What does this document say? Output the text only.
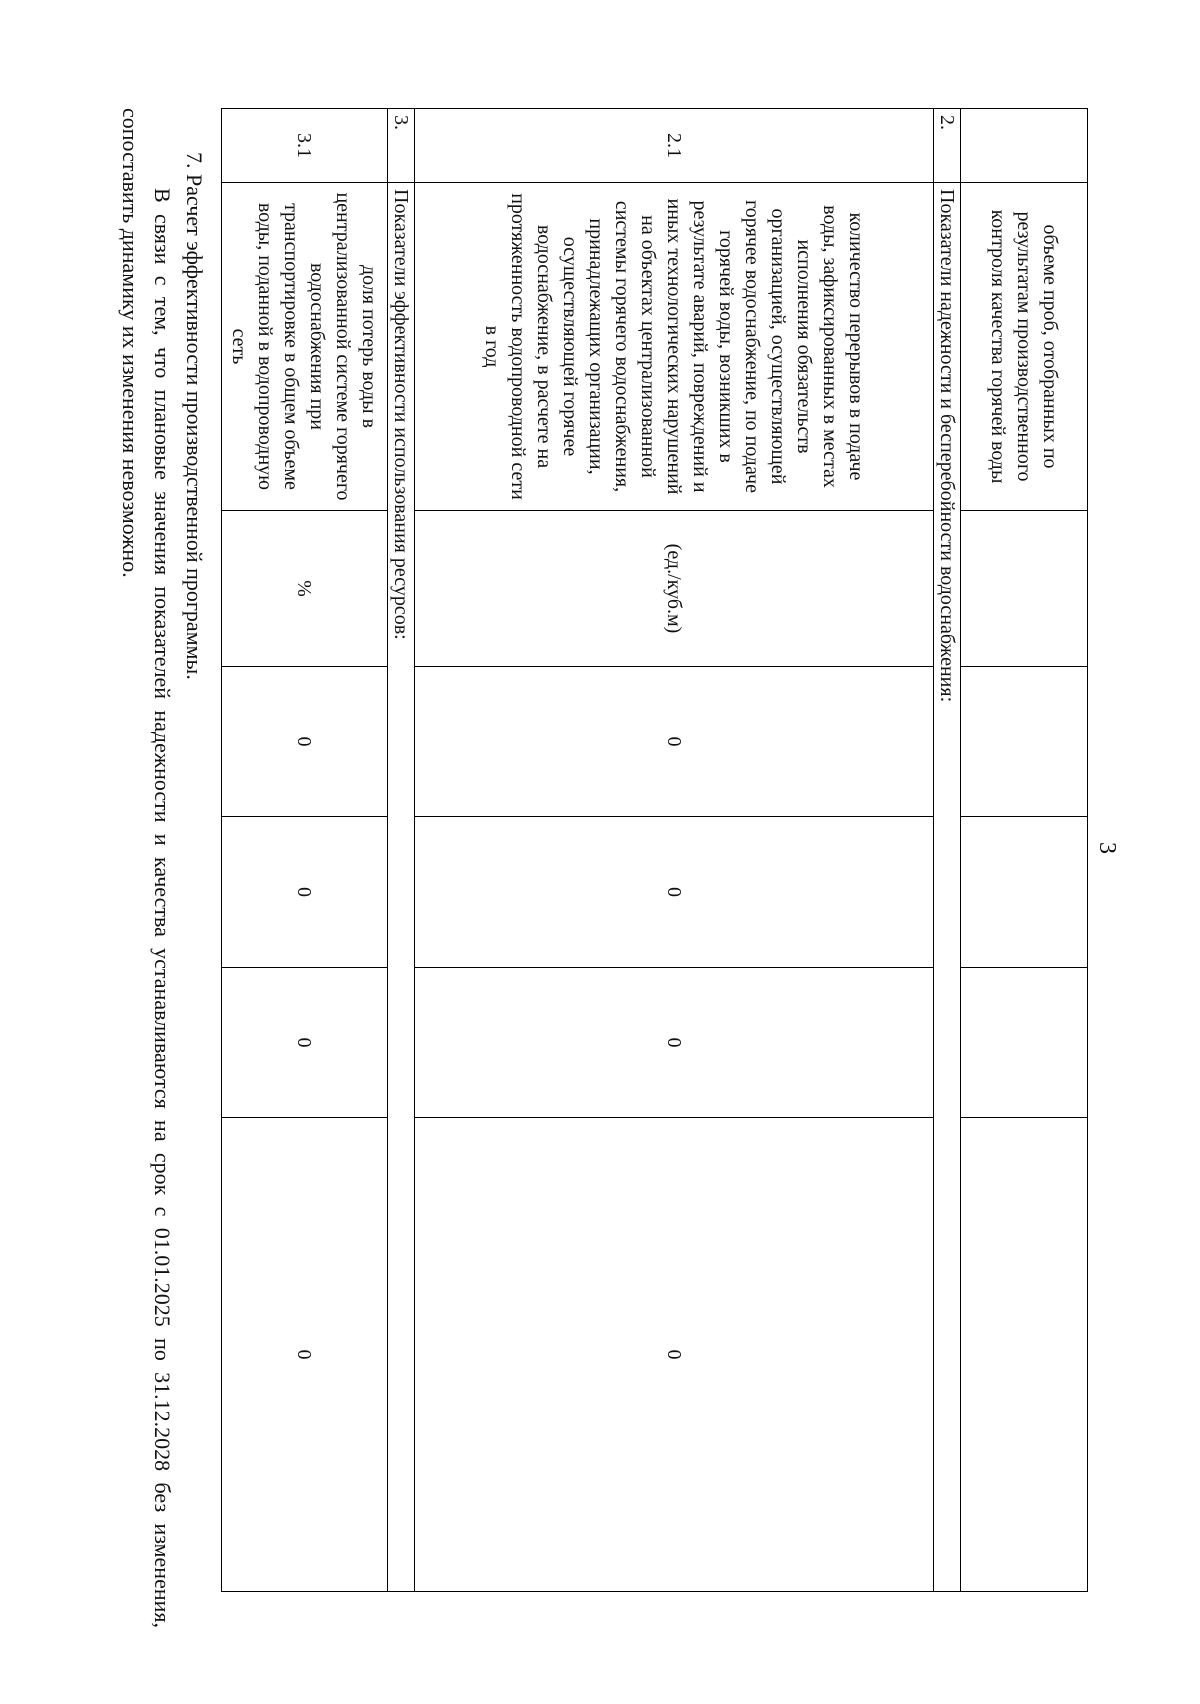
3
	объеме проб, отобранных по результатам производственного контроля качества горячей воды					
2.	Показатели надежности и бесперебойности водоснабжения:					
2.1	количество перерывов в подаче воды, зафиксированных в местах исполнения обязательств организацией, осуществляющей горячее водоснабжение, по подаче горячей воды, возникших в результате аварий, повреждений и иных технологических нарушений на объектах централизованной системы горячего водоснабжения, принадлежащих организации, осуществляющей горячее водоснабжение, в расчете на протяженность водопроводной сети в год	(ед./куб.м)	0	0	0	0
3.	Показатели эффективности использования ресурсов:					
3.1	доля потерь воды в централизованной системе горячего водоснабжения при транспортировке в общем объеме воды, поданной в водопроводную сеть	%	0	0	0	0

7. Расчет эффективности производственной программы.

В связи с тем, что плановые значения показателей надежности и качества устанавливаются на срок с 01.01.2025 по 31.12.2028 без изменения, сопоставить динамику их изменения невозможно.
